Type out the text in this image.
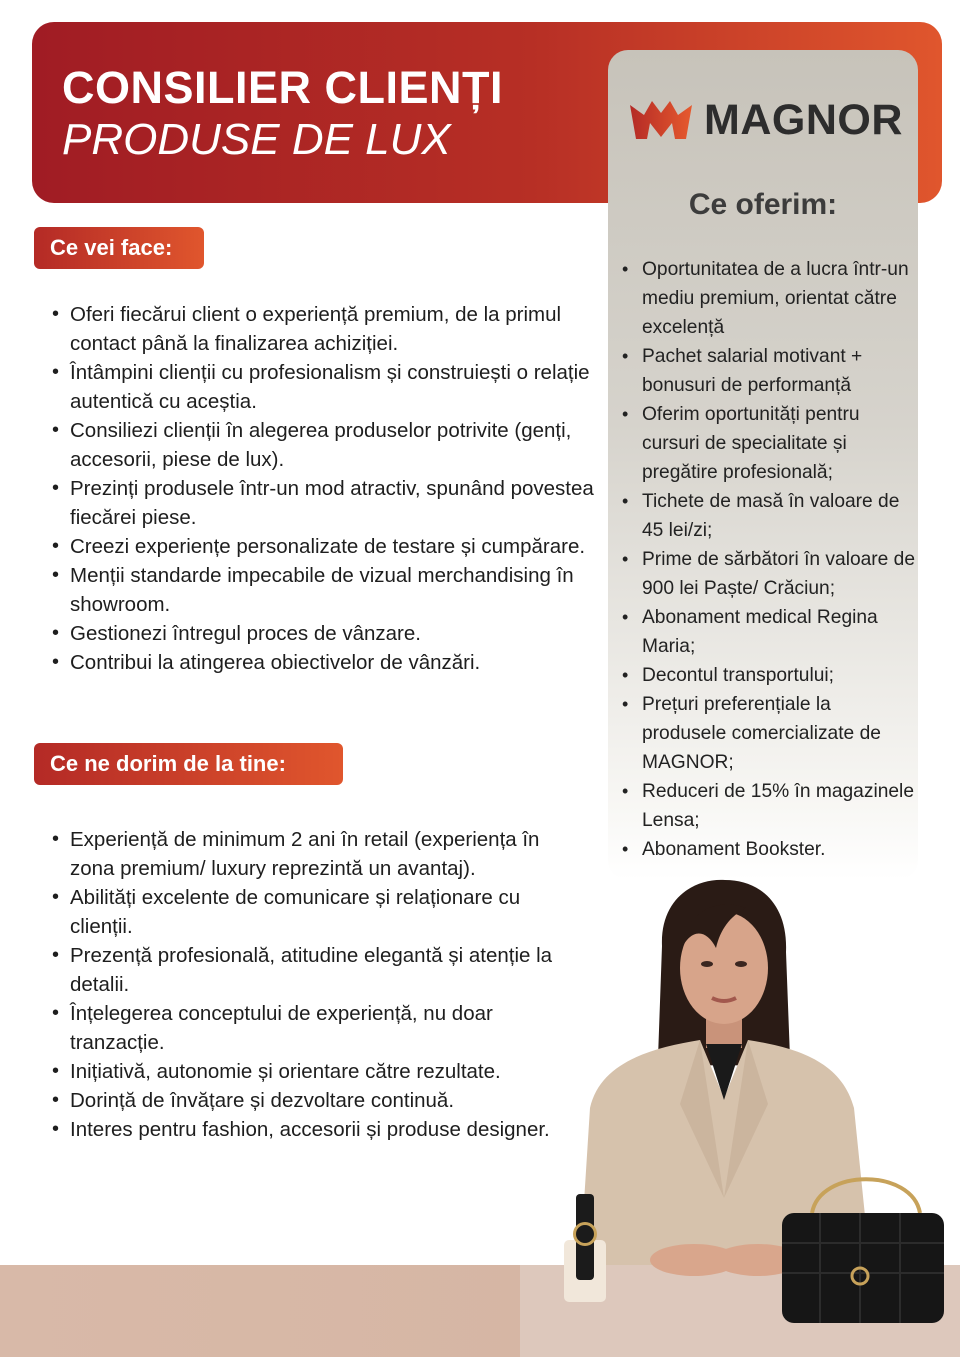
CONSILIER CLIENȚI
PRODUSE DE LUX	MAGNOR
Ce oferim:
• Oportunitatea de a lucra într-un mediu premium, orientat către excelență
• Pachet salarial motivant + bonusuri de performanță
• Oferim oportunități pentru cursuri de specialitate și pregătire profesională;
• Tichete de masă în valoare de 45 lei/zi;
• Prime de sărbători în valoare de 900 lei Paște/ Crăciun;
• Abonament medical Regina Maria;
• Decontul transportului;
• Prețuri preferențiale la produsele comercializate de MAGNOR;
• Reduceri de 15% în magazinele Lensa;
• Abonament Bookster.
Ce vei face:
• Oferi fiecărui client o experiență premium, de la primul contact până la finalizarea achiziției.
• Întâmpini clienții cu profesionalism și construiești o relație autentică cu aceștia.
• Consiliezi clienții în alegerea produselor potrivite (genți, accesorii, piese de lux).
• Prezinți produsele într-un mod atractiv, spunând povestea fiecărei piese.
• Creezi experiențe personalizate de testare și cumpărare.
• Menții standarde impecabile de vizual merchandising în showroom.
• Gestionezi întregul proces de vânzare.
• Contribui la atingerea obiectivelor de vânzări.
Ce ne dorim de la tine:
• Experiență de minimum 2 ani în retail (experiența în zona premium/ luxury reprezintă un avantaj).
• Abilități excelente de comunicare și relaționare cu clienții.
• Prezență profesională, atitudine elegantă și atenție la detalii.
• Înțelegerea conceptului de experiență, nu doar tranzacție.
• Inițiativă, autonomie și orientare către rezultate.
• Dorință de învățare și dezvoltare continuă.
• Interes pentru fashion, accesorii și produse designer.
